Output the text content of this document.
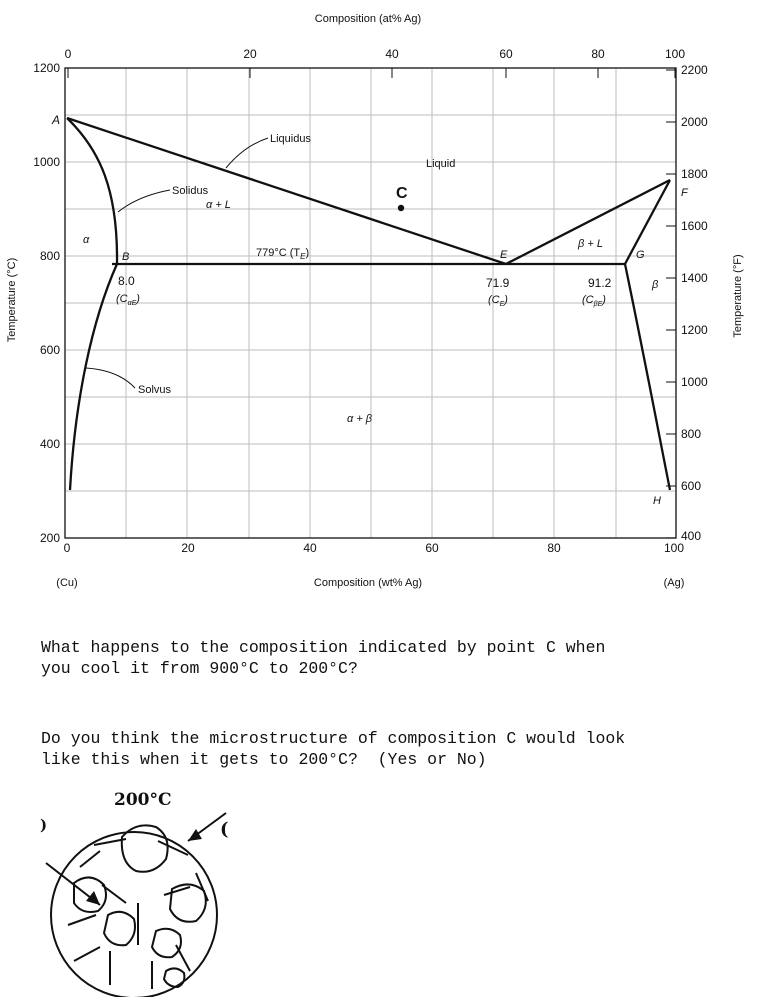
Composition (at% Ag)
Composition (wt% Ag)
Temperature (°C)	Temperature (°F)
0	20	40	60	80	100
0	20	40	60	80	100
1200
1000
800
600
400
200
2200
2000
1800
1600
1400
1200
1000
800
600
400
(Cu)	(Ag)
A
B	E
F
G
H
C
Liquidus
Solidus
Solvus
Liquid
α
β
α + L
β + L
α + β
779°C $(T_E)$
8.0
$(C_{\alpha E})$
71.9
$(C_E)$
91.2
$(C_{\beta E})$
What happens to the composition indicated by point C when
you cool it from 900°C to 200°C?
Do you think the microstructure of composition C would look
like this when it gets to 200°C?  (Yes or No)
200°C
)	(
